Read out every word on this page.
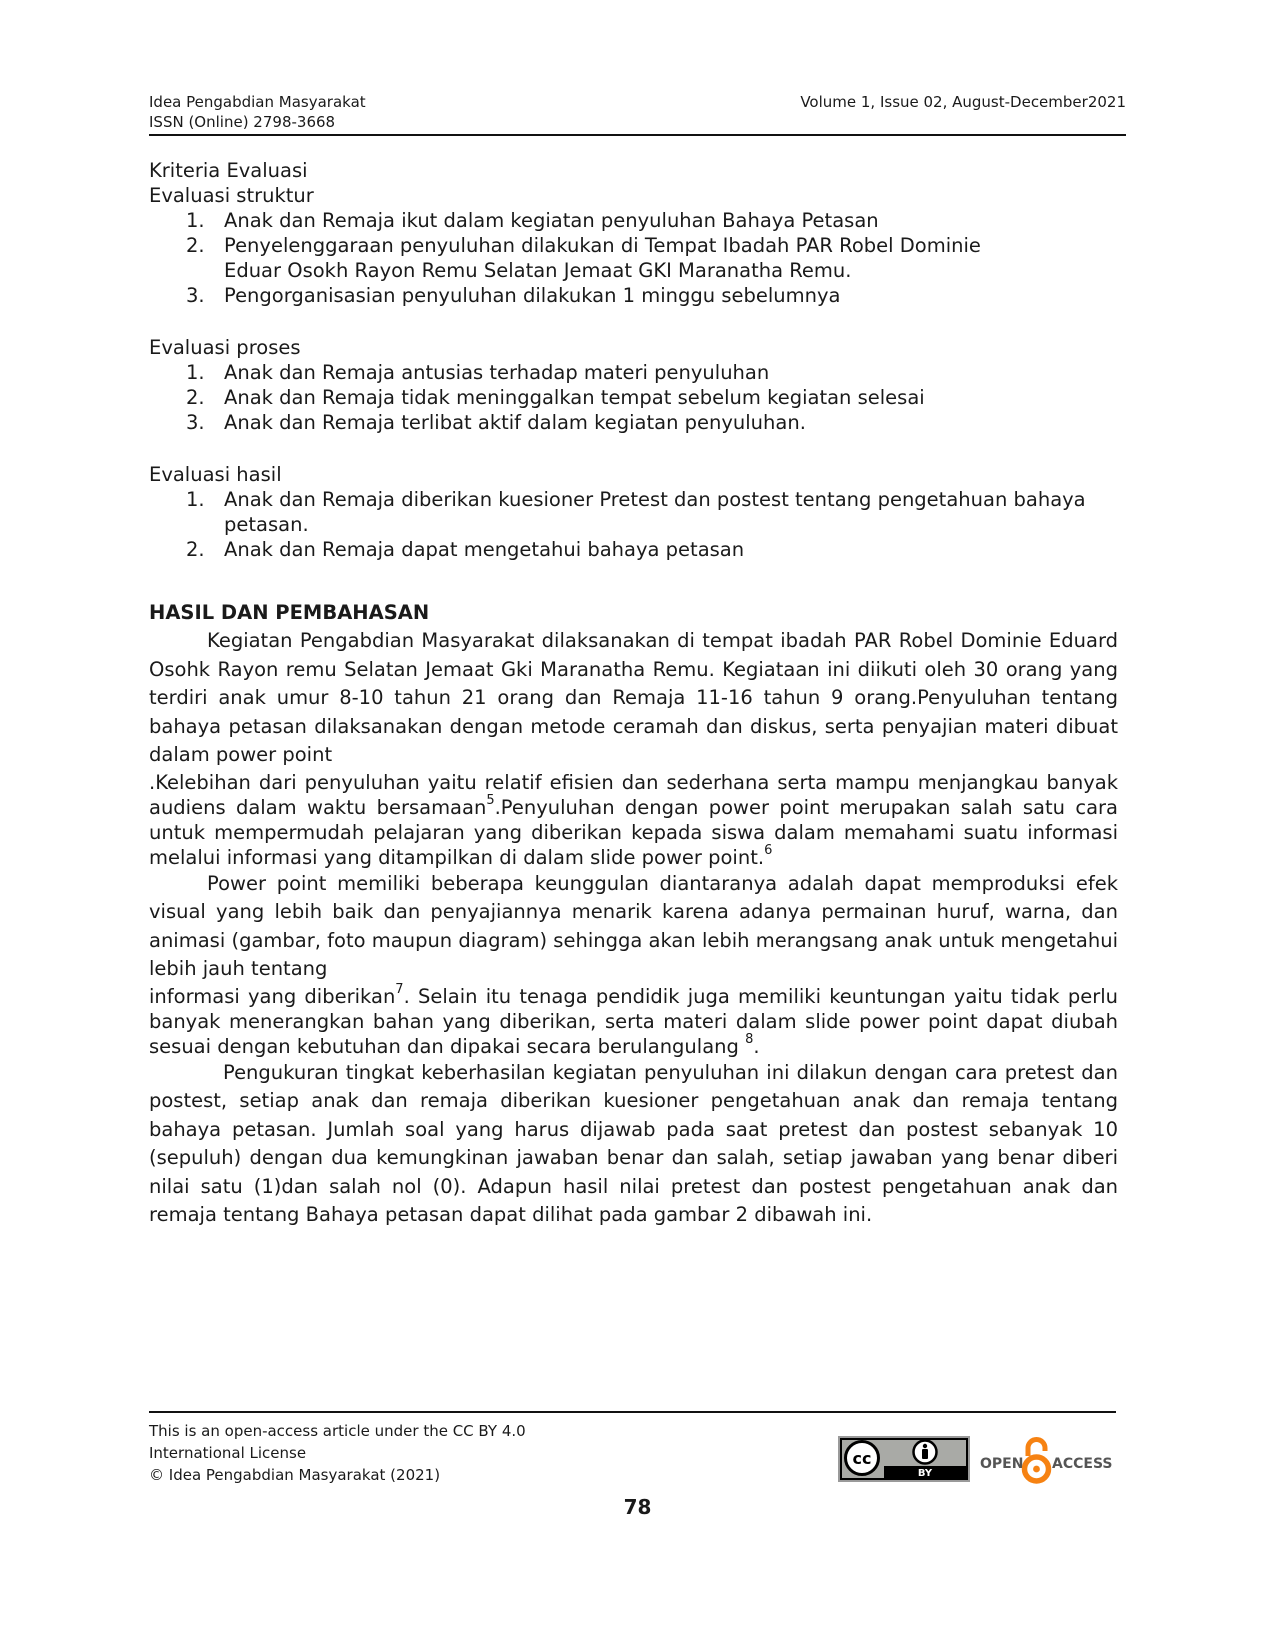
Idea Pengabdian Masyarakat
ISSN (Online) 2798-3668
Volume 1, Issue 02, August-December2021
Kriteria Evaluasi
Evaluasi struktur
1. Anak dan Remaja ikut dalam kegiatan penyuluhan Bahaya Petasan
2. Penyelenggaraan penyuluhan dilakukan di Tempat Ibadah PAR Robel Dominie
Eduar Osokh Rayon Remu Selatan Jemaat GKI Maranatha Remu.
3. Pengorganisasian penyuluhan dilakukan 1 minggu sebelumnya
Evaluasi proses
1. Anak dan Remaja antusias terhadap materi penyuluhan
2. Anak dan Remaja tidak meninggalkan tempat sebelum kegiatan selesai
3. Anak dan Remaja terlibat aktif dalam kegiatan penyuluhan.
Evaluasi hasil
1. Anak dan Remaja diberikan kuesioner Pretest dan postest tentang pengetahuan bahaya
petasan.
2. Anak dan Remaja dapat mengetahui bahaya petasan
HASIL DAN PEMBAHASAN

Kegiatan Pengabdian Masyarakat dilaksanakan di tempat ibadah PAR Robel Dominie Eduard Osohk Rayon remu Selatan Jemaat Gki Maranatha Remu. Kegiataan ini diikuti oleh 30 orang yang terdiri anak umur 8-10 tahun 21 orang dan Remaja 11-16 tahun 9 orang.Penyuluhan tentang bahaya petasan dilaksanakan dengan metode ceramah dan diskus, serta penyajian materi dibuat dalam power point

.Kelebihan dari penyuluhan yaitu relatif efisien dan sederhana serta mampu menjangkau banyak audiens dalam waktu bersamaan$^5$.Penyuluhan dengan power point merupakan salah satu cara untuk mempermudah pelajaran yang diberikan kepada siswa dalam memahami suatu informasi melalui informasi yang ditampilkan di dalam slide power point.$^6$

Power point memiliki beberapa keunggulan diantaranya adalah dapat memproduksi efek visual yang lebih baik dan penyajiannya menarik karena adanya permainan huruf, warna, dan animasi (gambar, foto maupun diagram) sehingga akan lebih merangsang anak untuk mengetahui lebih jauh tentang

informasi yang diberikan$^7$. Selain itu tenaga pendidik juga memiliki keuntungan yaitu tidak perlu banyak menerangkan bahan yang diberikan, serta materi dalam slide power point dapat diubah sesuai dengan kebutuhan dan dipakai secara berulangulang $^8$.

Pengukuran tingkat keberhasilan kegiatan penyuluhan ini dilakun dengan cara pretest dan postest, setiap anak dan remaja diberikan kuesioner pengetahuan anak dan remaja tentang bahaya petasan. Jumlah soal yang harus dijawab pada saat pretest dan postest sebanyak 10 (sepuluh) dengan dua kemungkinan jawaban benar dan salah, setiap jawaban yang benar diberi nilai satu (1)dan salah nol (0). Adapun hasil nilai pretest dan postest pengetahuan anak dan remaja tentang Bahaya petasan dapat dilihat pada gambar 2 dibawah ini.

This is an open-access article under the CC BY 4.0
International License
© Idea Pengabdian Masyarakat (2021)
cc
BY
OPEN ACCESS
78
